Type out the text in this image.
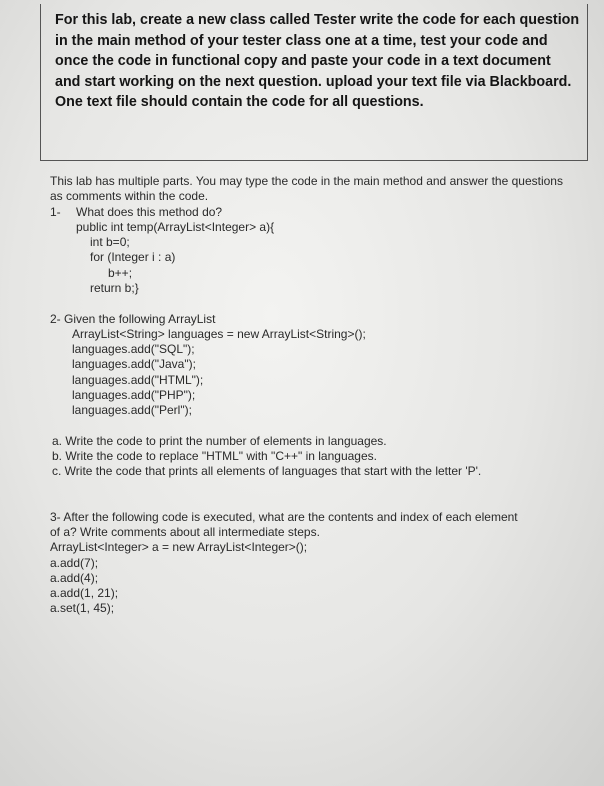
For this lab, create a new class called Tester write the code for each question in the main method of your tester class one at a time, test your code and once the code in functional copy and paste your code in a text document and start working on the next question. upload your text file via Blackboard. One text file should contain the code for all questions.

This lab has multiple parts. You may type the code in the main method and answer the questions as comments within the code.

1- What does this method do?
public int temp(ArrayList<Integer> a){
int b=0;
for (Integer i : a)
b++;
return b;}
2- Given the following ArrayList
ArrayList<String> languages = new ArrayList<String>();
languages.add("SQL");
languages.add("Java");
languages.add("HTML");
languages.add("PHP");
languages.add("Perl");
a. Write the code to print the number of elements in languages.
b. Write the code to replace "HTML" with "C++" in languages.
c. Write the code that prints all elements of languages that start with the letter 'P'.
3- After the following code is executed, what are the contents and index of each element
of a? Write comments about all intermediate steps.
ArrayList<Integer> a = new ArrayList<Integer>();
a.add(7);
a.add(4);
a.add(1, 21);
a.set(1, 45);
